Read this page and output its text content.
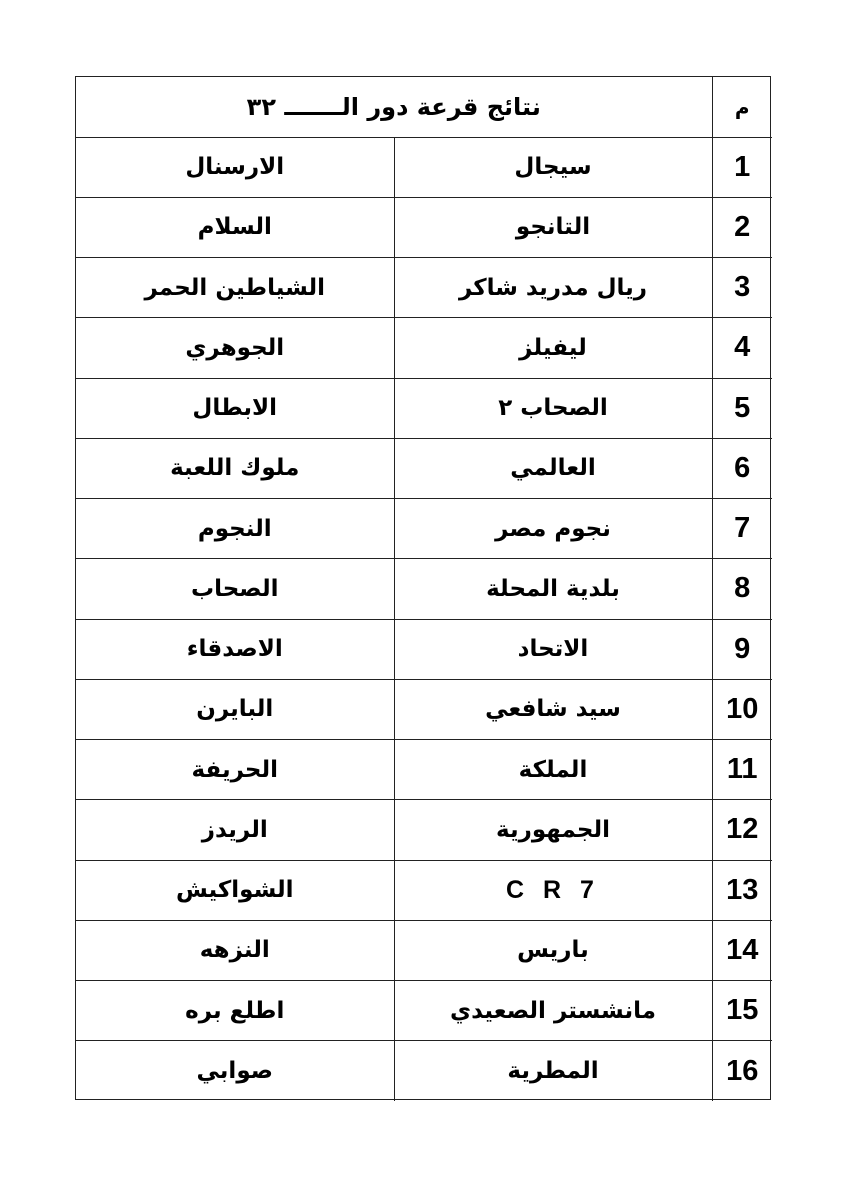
نتائج قرعة دور الـــــــ ٣٢		م
الارسنال	سيجال	1
السلام	التانجو	2
الشياطين الحمر	ريال مدريد شاكر	3
الجوهري	ليفيلز	4
الابطال	الصحاب ٢	5
ملوك اللعبة	العالمي	6
النجوم	نجوم مصر	7
الصحاب	بلدية المحلة	8
الاصدقاء	الاتحاد	9
البايرن	سيد شافعي	10
الحريفة	الملكة	11
الريدز	الجمهورية	12
الشواكيش	C R 7	13
النزهه	باريس	14
اطلع بره	مانشستر الصعيدي	15
صوابي	المطرية	16
